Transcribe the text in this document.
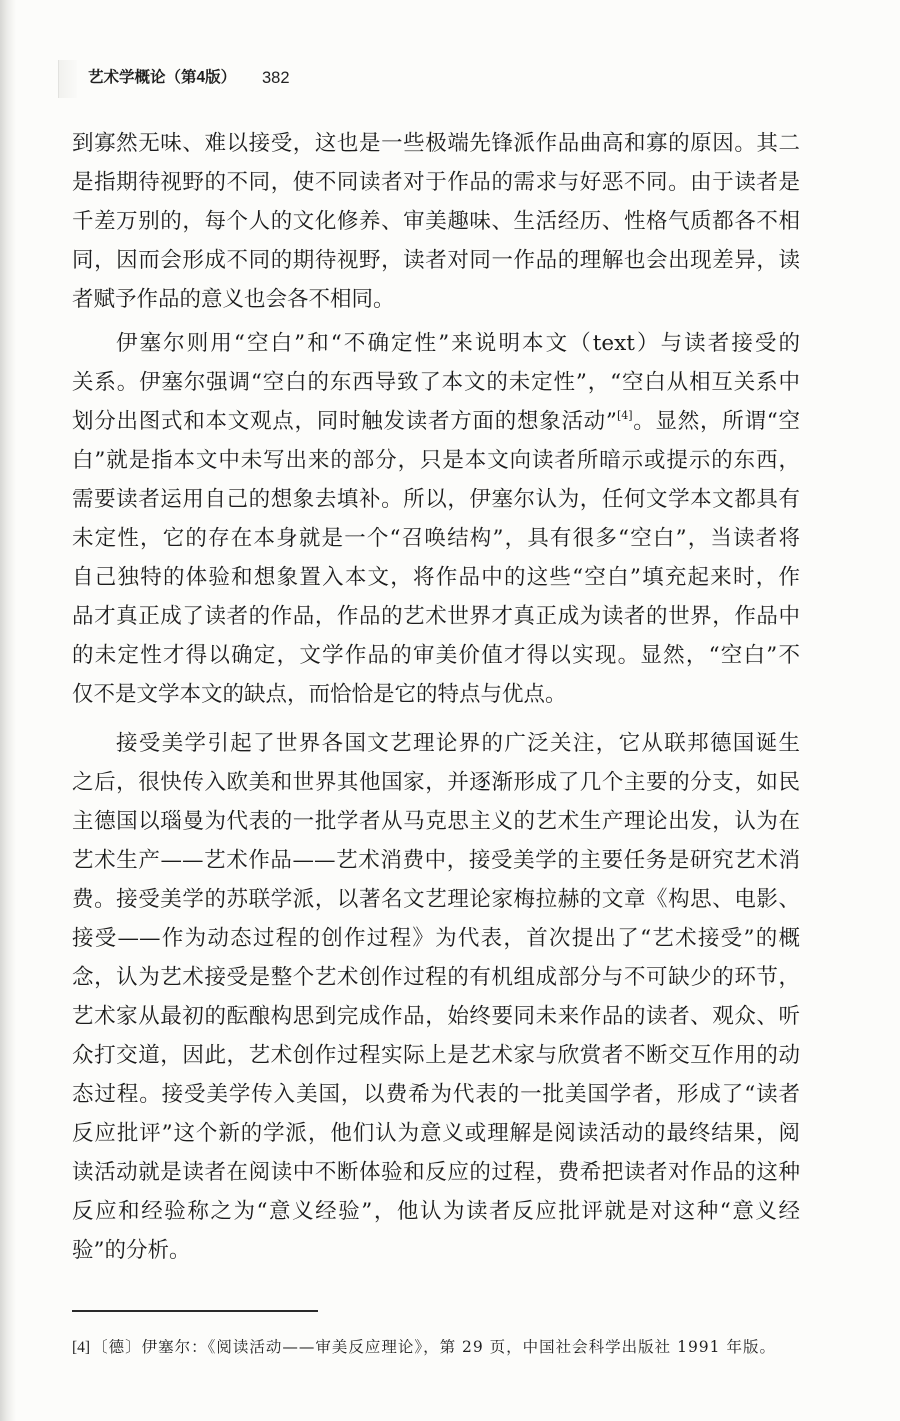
艺术学概论（第4版） 382
到寡然无味、难以接受，这也是一些极端先锋派作品曲高和寡的原因。其二
是指期待视野的不同，使不同读者对于作品的需求与好恶不同。由于读者是
千差万别的，每个人的文化修养、审美趣味、生活经历、性格气质都各不相
同，因而会形成不同的期待视野，读者对同一作品的理解也会出现差异，读
者赋予作品的意义也会各不相同。
伊塞尔则用“空白”和“不确定性”来说明本文（text）与读者接受的
关系。伊塞尔强调“空白的东西导致了本文的未定性”，“空白从相互关系中
划分出图式和本文观点，同时触发读者方面的想象活动”[4]。显然，所谓“空
白”就是指本文中未写出来的部分，只是本文向读者所暗示或提示的东西，
需要读者运用自己的想象去填补。所以，伊塞尔认为，任何文学本文都具有
未定性，它的存在本身就是一个“召唤结构”，具有很多“空白”，当读者将
自己独特的体验和想象置入本文，将作品中的这些“空白”填充起来时，作
品才真正成了读者的作品，作品的艺术世界才真正成为读者的世界，作品中
的未定性才得以确定，文学作品的审美价值才得以实现。显然，“空白”不
仅不是文学本文的缺点，而恰恰是它的特点与优点。
接受美学引起了世界各国文艺理论界的广泛关注，它从联邦德国诞生
之后，很快传入欧美和世界其他国家，并逐渐形成了几个主要的分支，如民
主德国以瑙曼为代表的一批学者从马克思主义的艺术生产理论出发，认为在
艺术生产——艺术作品——艺术消费中，接受美学的主要任务是研究艺术消
费。接受美学的苏联学派，以著名文艺理论家梅拉赫的文章《构思、电影、
接受——作为动态过程的创作过程》为代表，首次提出了“艺术接受”的概
念，认为艺术接受是整个艺术创作过程的有机组成部分与不可缺少的环节，
艺术家从最初的酝酿构思到完成作品，始终要同未来作品的读者、观众、听
众打交道，因此，艺术创作过程实际上是艺术家与欣赏者不断交互作用的动
态过程。接受美学传入美国，以费希为代表的一批美国学者，形成了“读者
反应批评”这个新的学派，他们认为意义或理解是阅读活动的最终结果，阅
读活动就是读者在阅读中不断体验和反应的过程，费希把读者对作品的这种
反应和经验称之为“意义经验”，他认为读者反应批评就是对这种“意义经
验”的分析。
[4] 〔德〕伊塞尔：《阅读活动——审美反应理论》，第 29 页，中国社会科学出版社 1991 年版。
